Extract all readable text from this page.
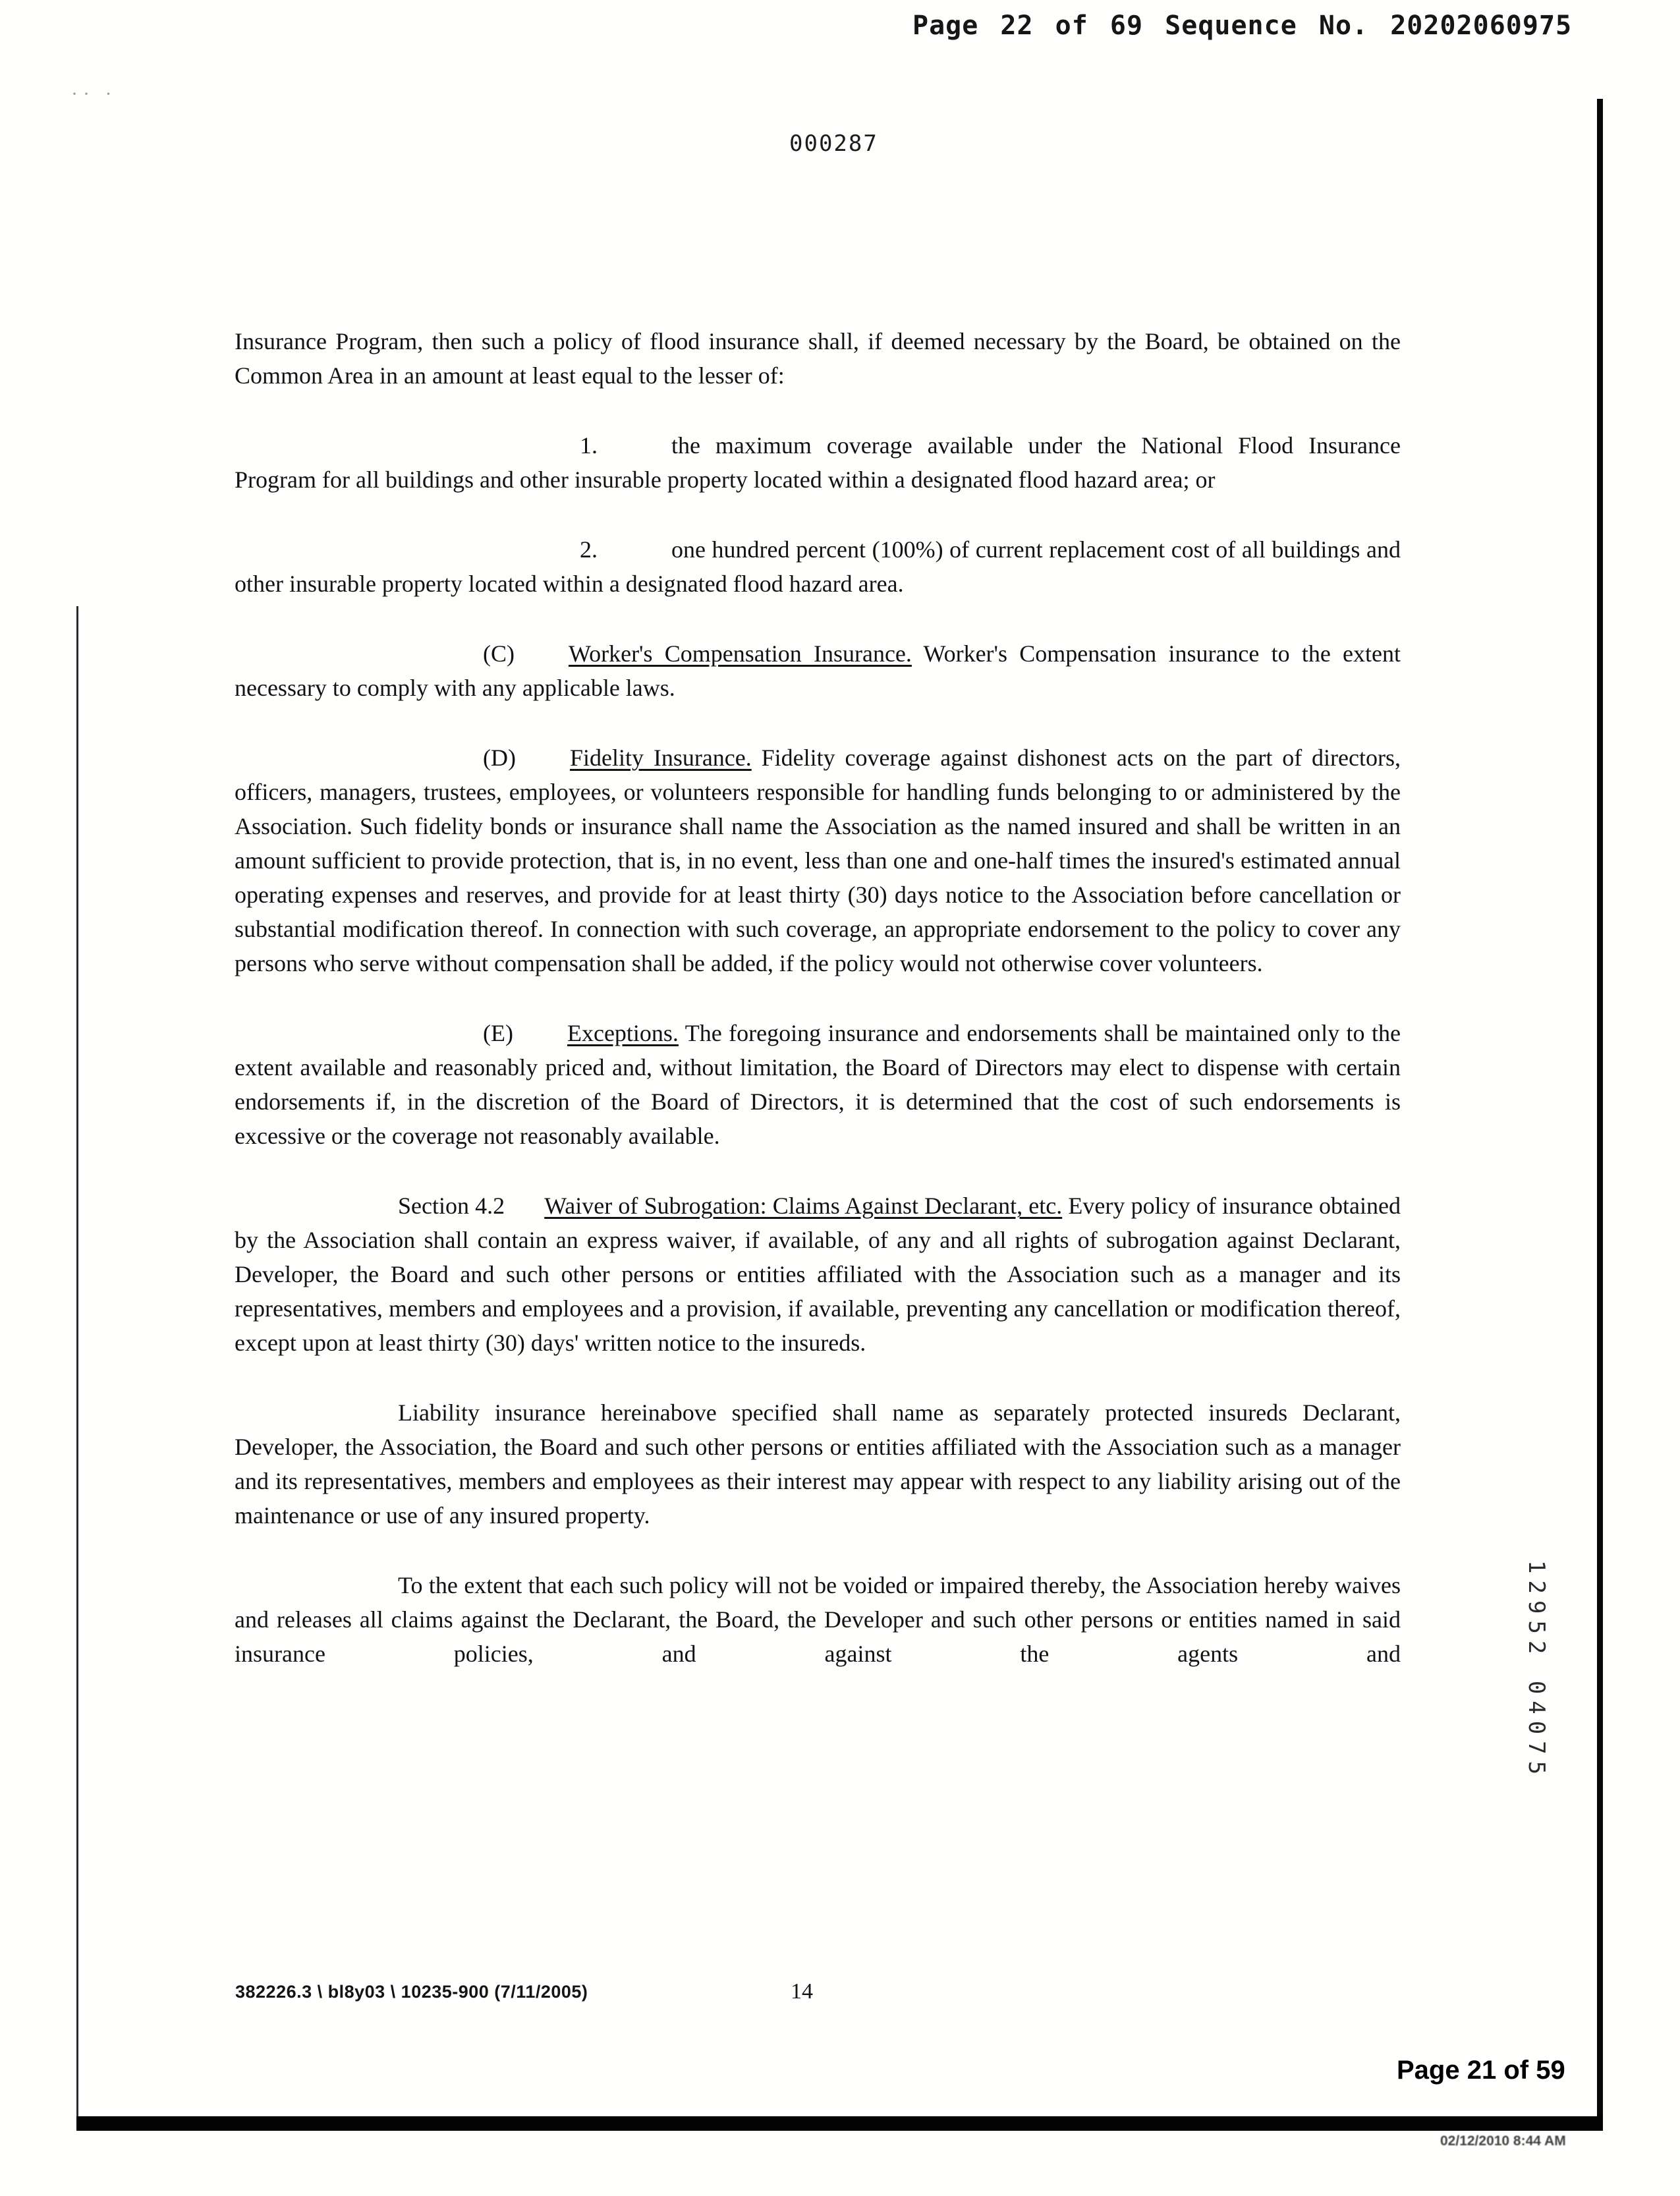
Page 22 of 69 Sequence No. 20202060975
·· ·
000287

Insurance Program, then such a policy of flood insurance shall, if deemed necessary by the Board, be obtained on the Common Area in an amount at least equal to the lesser of:

1.	the maximum coverage available under the National Flood Insurance Program for all buildings and other insurable property located within a designated flood hazard area; or

2.	one hundred percent (100%) of current replacement cost of all buildings and other insurable property located within a designated flood hazard area.

(C) Worker's Compensation Insurance. Worker's Compensation insurance to the extent necessary to comply with any applicable laws.

(D) Fidelity Insurance. Fidelity coverage against dishonest acts on the part of directors, officers, managers, trustees, employees, or volunteers responsible for handling funds belonging to or administered by the Association. Such fidelity bonds or insurance shall name the Association as the named insured and shall be written in an amount sufficient to provide protection, that is, in no event, less than one and one-half times the insured's estimated annual operating expenses and reserves, and provide for at least thirty (30) days notice to the Association before cancellation or substantial modification thereof. In connection with such coverage, an appropriate endorsement to the policy to cover any persons who serve without compensation shall be added, if the policy would not otherwise cover volunteers.

(E) Exceptions. The foregoing insurance and endorsements shall be maintained only to the extent available and reasonably priced and, without limitation, the Board of Directors may elect to dispense with certain endorsements if, in the discretion of the Board of Directors, it is determined that the cost of such endorsements is excessive or the coverage not reasonably available.

Section 4.2 Waiver of Subrogation: Claims Against Declarant, etc. Every policy of insurance obtained by the Association shall contain an express waiver, if available, of any and all rights of subrogation against Declarant, Developer, the Board and such other persons or entities affiliated with the Association such as a manager and its representatives, members and employees and a provision, if available, preventing any cancellation or modification thereof, except upon at least thirty (30) days' written notice to the insureds.

Liability insurance hereinabove specified shall name as separately protected insureds Declarant, Developer, the Association, the Board and such other persons or entities affiliated with the Association such as a manager and its representatives, members and employees as their interest may appear with respect to any liability arising out of the maintenance or use of any insured property.

To the extent that each such policy will not be voided or impaired thereby, the Association hereby waives and releases all claims against the Declarant, the Board, the Developer and such other persons or entities named in said insurance policies, and against the agents and	12952 04075
382226.3 \ bl8y03 \ 10235-900 (7/11/2005)	14
Page 21 of 59
02/12/2010 8:44 AM
